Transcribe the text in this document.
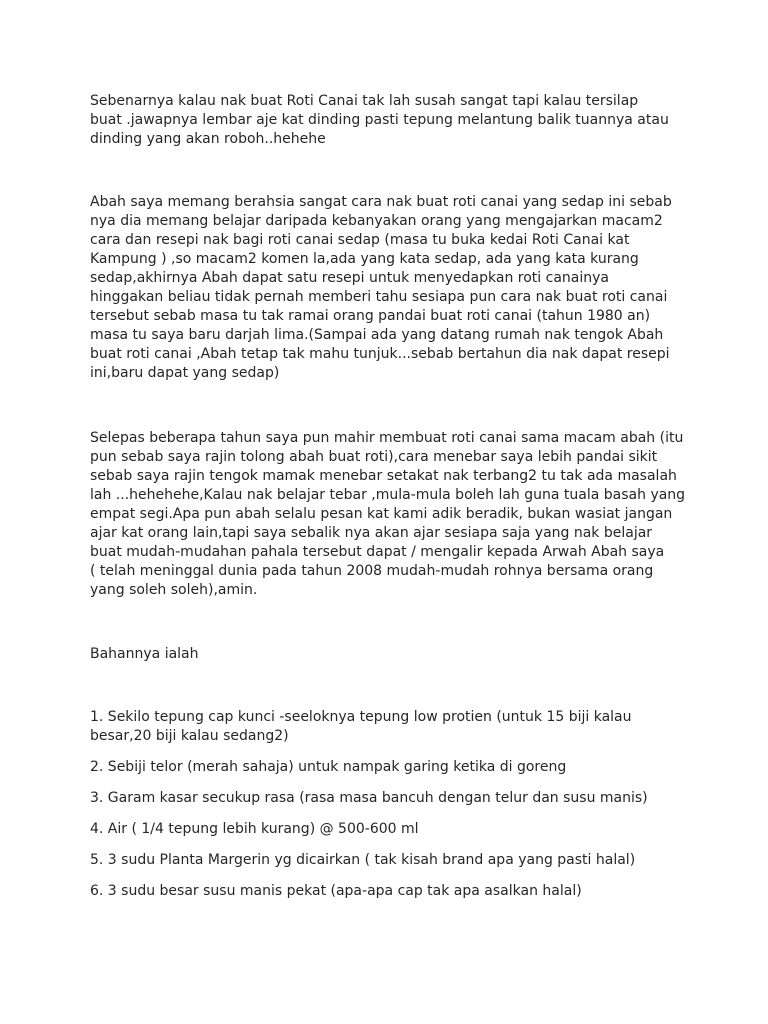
Sebenarnya kalau nak buat Roti Canai tak lah susah sangat tapi kalau tersilap
buat .jawapnya lembar aje kat dinding pasti tepung melantung balik tuannya atau
dinding yang akan roboh..hehehe

Abah saya memang berahsia sangat cara nak buat roti canai yang sedap ini sebab
nya dia memang belajar daripada kebanyakan orang yang mengajarkan macam2
cara dan resepi nak bagi roti canai sedap (masa tu buka kedai Roti Canai kat
Kampung ) ,so macam2 komen la,ada yang kata sedap, ada yang kata kurang
sedap,akhirnya Abah dapat satu resepi untuk menyedapkan roti canainya
hinggakan beliau tidak pernah memberi tahu sesiapa pun cara nak buat roti canai
tersebut sebab masa tu tak ramai orang pandai buat roti canai (tahun 1980 an)
masa tu saya baru darjah lima.(Sampai ada yang datang rumah nak tengok Abah
buat roti canai ,Abah tetap tak mahu tunjuk...sebab bertahun dia nak dapat resepi
ini,baru dapat yang sedap)

Selepas beberapa tahun saya pun mahir membuat roti canai sama macam abah (itu
pun sebab saya rajin tolong abah buat roti),cara menebar saya lebih pandai sikit
sebab saya rajin tengok mamak menebar setakat nak terbang2 tu tak ada masalah
lah ...hehehehe,Kalau nak belajar tebar ,mula-mula boleh lah guna tuala basah yang
empat segi.Apa pun abah selalu pesan kat kami adik beradik, bukan wasiat jangan
ajar kat orang lain,tapi saya sebalik nya akan ajar sesiapa saja yang nak belajar
buat mudah-mudahan pahala tersebut dapat / mengalir kepada Arwah Abah saya
( telah meninggal dunia pada tahun 2008 mudah-mudah rohnya bersama orang
yang soleh soleh),amin.

Bahannya ialah

1. Sekilo tepung cap kunci -seeloknya tepung low protien (untuk 15 biji kalau
besar,20 biji kalau sedang2)
2. Sebiji telor (merah sahaja) untuk nampak garing ketika di goreng
3. Garam kasar secukup rasa (rasa masa bancuh dengan telur dan susu manis)
4. Air ( 1/4 tepung lebih kurang) @ 500-600 ml
5. 3 sudu Planta Margerin yg dicairkan ( tak kisah brand apa yang pasti halal)
6. 3 sudu besar susu manis pekat (apa-apa cap tak apa asalkan halal)
